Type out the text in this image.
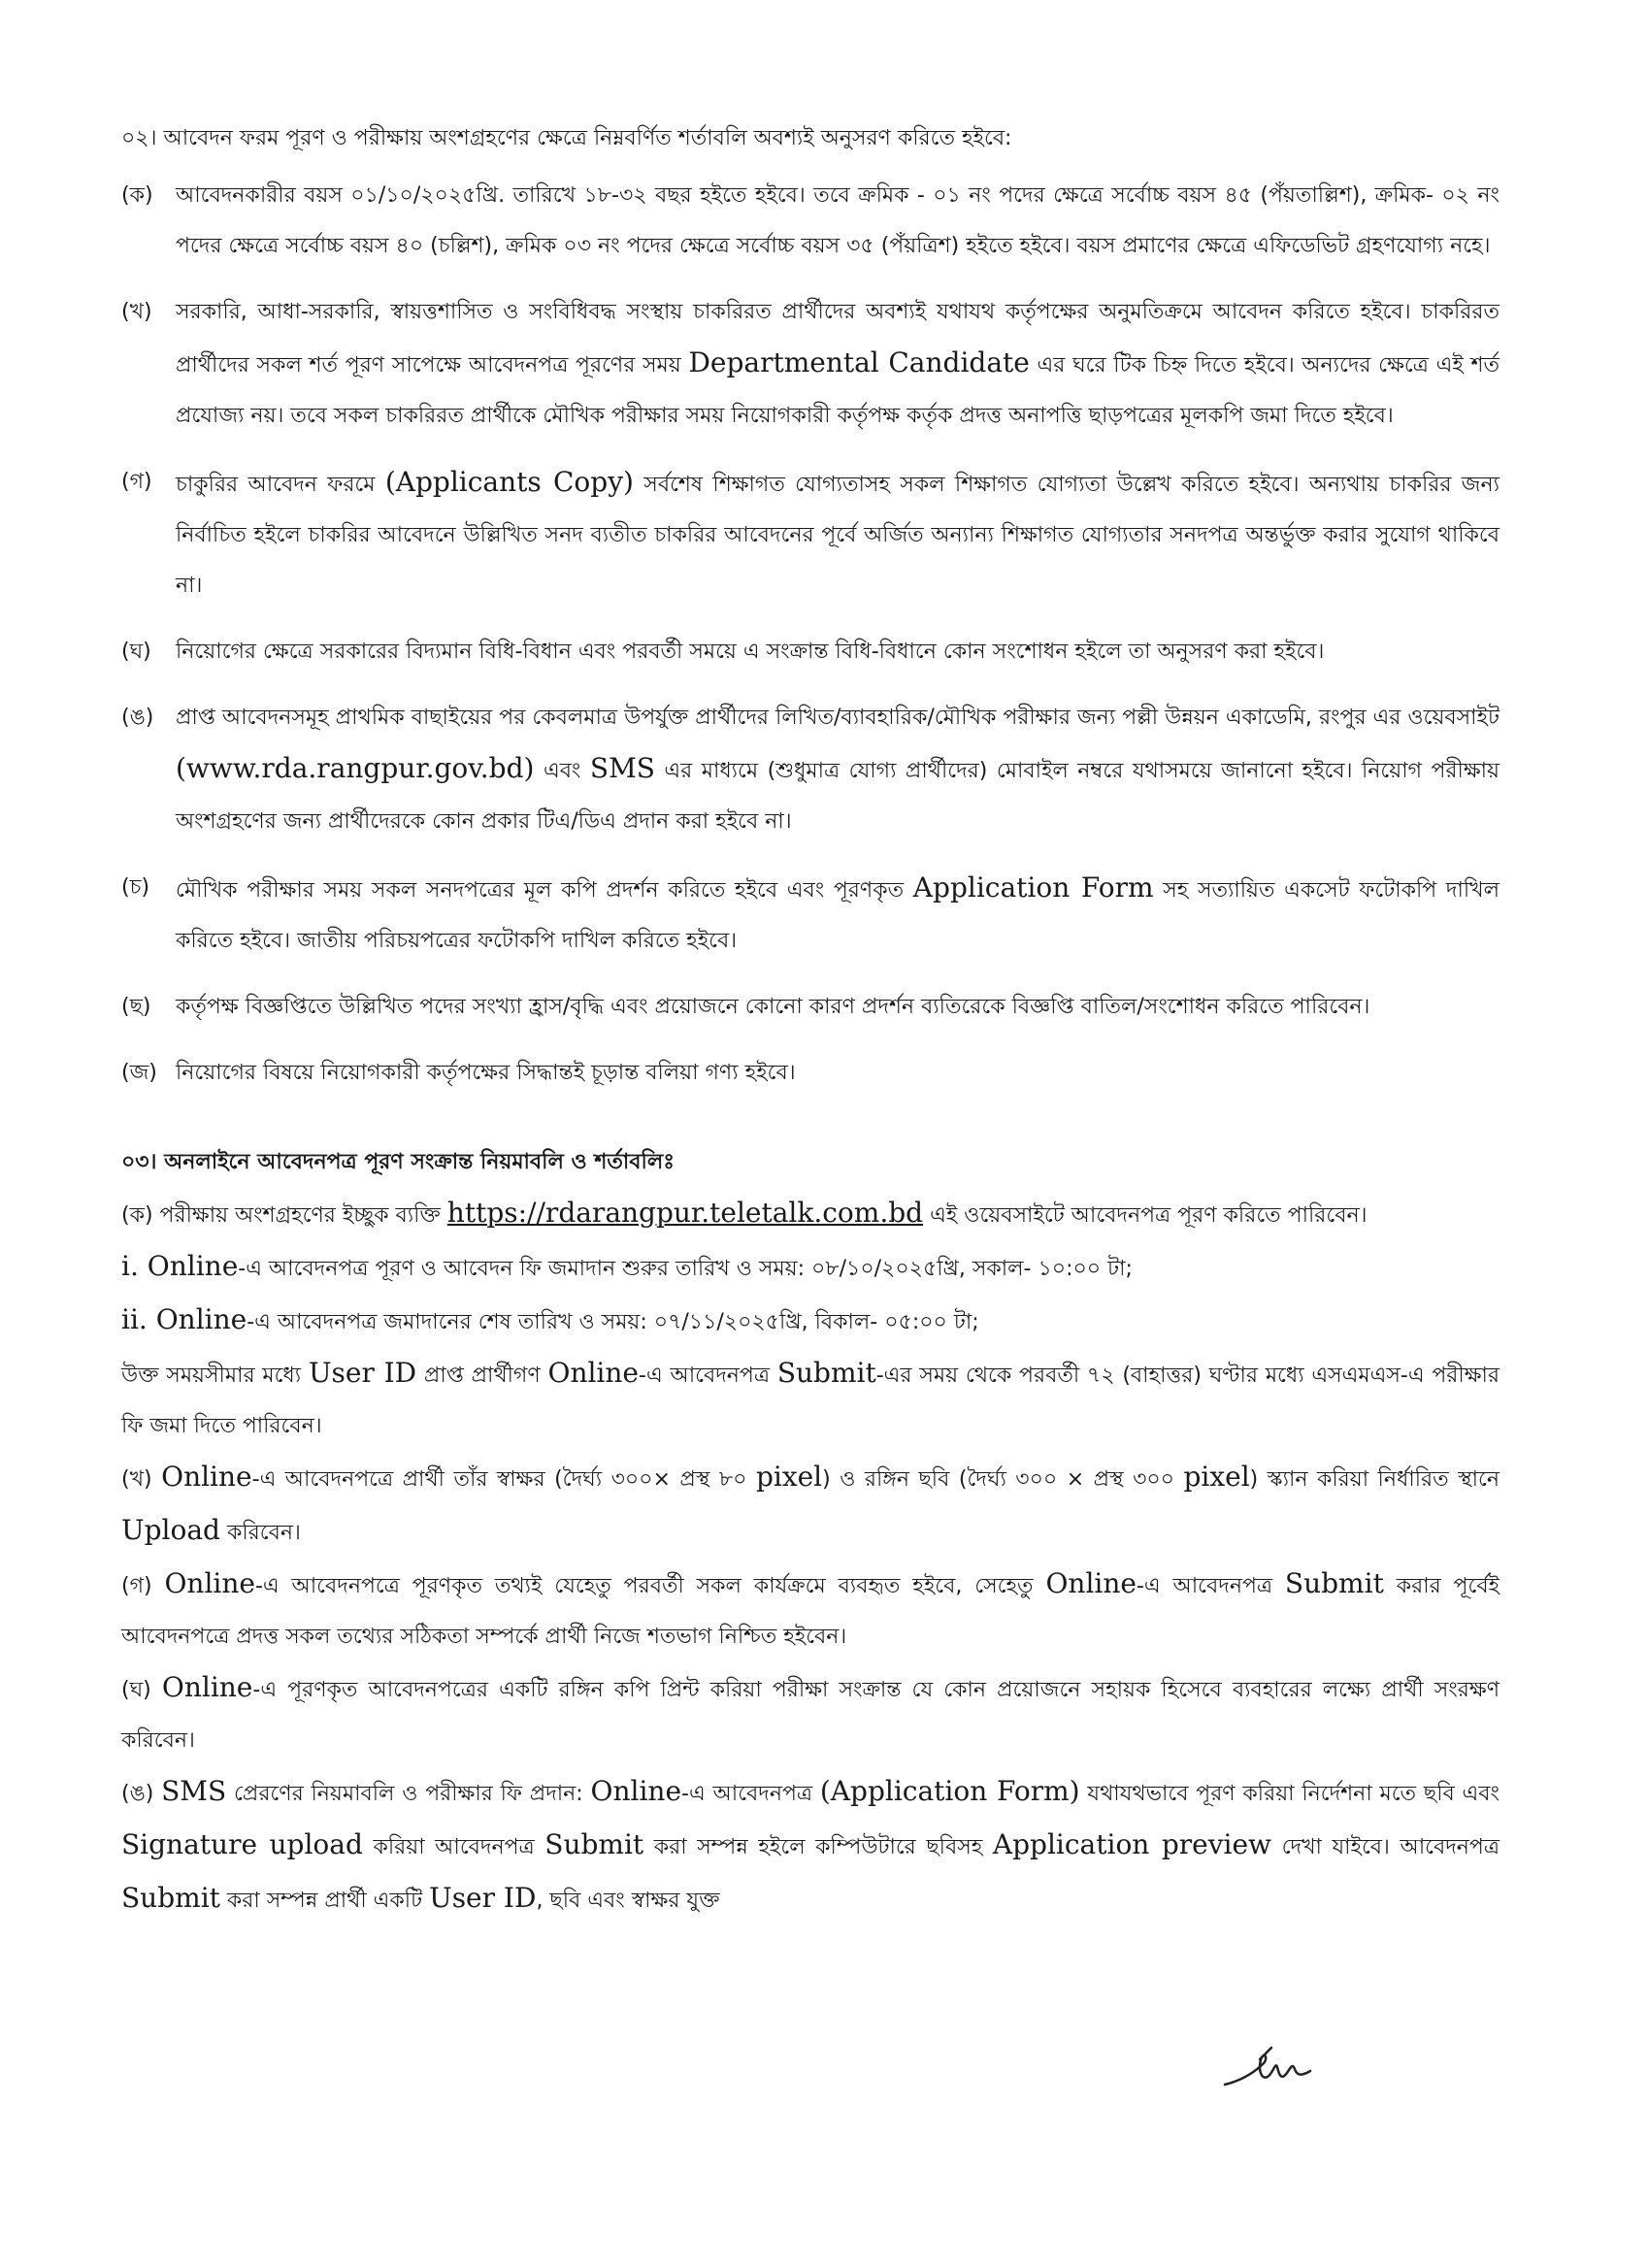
০২। আবেদন ফরম পূরণ ও পরীক্ষায় অংশগ্রহণের ক্ষেত্রে নিম্নবর্ণিত শর্তাবলি অবশ্যই অনুসরণ করিতে হইবে:

(ক)	আবেদনকারীর বয়স ০১/১০/২০২৫খ্রি. তারিখে ১৮-৩২ বছর হইতে হইবে। তবে ক্রমিক - ০১ নং পদের ক্ষেত্রে সর্বোচ্চ বয়স ৪৫ (পঁয়তাল্লিশ), ক্রমিক- ০২ নং পদের ক্ষেত্রে সর্বোচ্চ বয়স ৪০ (চল্লিশ), ক্রমিক ০৩ নং পদের ক্ষেত্রে সর্বোচ্চ বয়স ৩৫ (পঁয়ত্রিশ) হইতে হইবে। বয়স প্রমাণের ক্ষেত্রে এফিডেভিট গ্রহণযোগ্য নহে।
(খ)	সরকারি, আধা-সরকারি, স্বায়ত্তশাসিত ও সংবিধিবদ্ধ সংস্থায় চাকরিরত প্রার্থীদের অবশ্যই যথাযথ কর্তৃপক্ষের অনুমতিক্রমে আবেদন করিতে হইবে। চাকরিরত প্রার্থীদের সকল শর্ত পূরণ সাপেক্ষে আবেদনপত্র পূরণের সময় Departmental Candidate এর ঘরে টিক চিহ্ন দিতে হইবে। অন্যদের ক্ষেত্রে এই শর্ত প্রযোজ্য নয়। তবে সকল চাকরিরত প্রার্থীকে মৌখিক পরীক্ষার সময় নিয়োগকারী কর্তৃপক্ষ কর্তৃক প্রদত্ত অনাপত্তি ছাড়পত্রের মূলকপি জমা দিতে হইবে।
(গ)	চাকুরির আবেদন ফরমে (Applicants Copy) সর্বশেষ শিক্ষাগত যোগ্যতাসহ সকল শিক্ষাগত যোগ্যতা উল্লেখ করিতে হইবে। অন্যথায় চাকরির জন্য নির্বাচিত হইলে চাকরির আবেদনে উল্লিখিত সনদ ব্যতীত চাকরির আবেদনের পূর্বে অর্জিত অন্যান্য শিক্ষাগত যোগ্যতার সনদপত্র অন্তর্ভুক্ত করার সুযোগ থাকিবে না।
(ঘ)	নিয়োগের ক্ষেত্রে সরকারের বিদ্যমান বিধি-বিধান এবং পরবর্তী সময়ে এ সংক্রান্ত বিধি-বিধানে কোন সংশোধন হইলে তা অনুসরণ করা হইবে।
(ঙ)	প্রাপ্ত আবেদনসমূহ প্রাথমিক বাছাইয়ের পর কেবলমাত্র উপর্যুক্ত প্রার্থীদের লিখিত/ব্যাবহারিক/মৌখিক পরীক্ষার জন্য পল্লী উন্নয়ন একাডেমি, রংপুর এর ওয়েবসাইট (www.rda.rangpur.gov.bd) এবং SMS এর মাধ্যমে (শুধুমাত্র যোগ্য প্রার্থীদের) মোবাইল নম্বরে যথাসময়ে জানানো হইবে। নিয়োগ পরীক্ষায় অংশগ্রহণের জন্য প্রার্থীদেরকে কোন প্রকার টিএ/ডিএ প্রদান করা হইবে না।
(চ)	মৌখিক পরীক্ষার সময় সকল সনদপত্রের মূল কপি প্রদর্শন করিতে হইবে এবং পূরণকৃত Application Form সহ সত্যায়িত একসেট ফটোকপি দাখিল করিতে হইবে। জাতীয় পরিচয়পত্রের ফটোকপি দাখিল করিতে হইবে।
(ছ)	কর্তৃপক্ষ বিজ্ঞপ্তিতে উল্লিখিত পদের সংখ্যা হ্রাস/বৃদ্ধি এবং প্রয়োজনে কোনো কারণ প্রদর্শন ব্যতিরেকে বিজ্ঞপ্তি বাতিল/সংশোধন করিতে পারিবেন।
(জ) নিয়োগের বিষয়ে নিয়োগকারী কর্তৃপক্ষের সিদ্ধান্তই চূড়ান্ত বলিয়া গণ্য হইবে।

০৩। অনলাইনে আবেদনপত্র পূরণ সংক্রান্ত নিয়মাবলি ও শর্তাবলিঃ

(ক) পরীক্ষায় অংশগ্রহণের ইচ্ছুক ব্যক্তি https://rdarangpur.teletalk.com.bd এই ওয়েবসাইটে আবেদনপত্র পূরণ করিতে পারিবেন।

i. Online-এ আবেদনপত্র পূরণ ও আবেদন ফি জমাদান শুরুর তারিখ ও সময়: ০৮/১০/২০২৫খ্রি, সকাল- ১০:০০ টা;

ii. Online-এ আবেদনপত্র জমাদানের শেষ তারিখ ও সময়: ০৭/১১/২০২৫খ্রি, বিকাল- ০৫:০০ টা;

উক্ত সময়সীমার মধ্যে User ID প্রাপ্ত প্রার্থীগণ Online-এ আবেদনপত্র Submit-এর সময় থেকে পরবর্তী ৭২ (বাহাত্তর) ঘণ্টার মধ্যে এসএমএস-এ পরীক্ষার ফি জমা দিতে পারিবেন।

(খ) Online-এ আবেদনপত্রে প্রার্থী তাঁর স্বাক্ষর (দৈর্ঘ্য ৩০০× প্রস্থ ৮০ pixel) ও রঙ্গিন ছবি (দৈর্ঘ্য ৩০০ × প্রস্থ ৩০০ pixel) স্ক্যান করিয়া নির্ধারিত স্থানে Upload করিবেন।

(গ) Online-এ আবেদনপত্রে পূরণকৃত তথ্যই যেহেতু পরবর্তী সকল কার্যক্রমে ব্যবহৃত হইবে, সেহেতু Online-এ আবেদনপত্র Submit করার পূর্বেই আবেদনপত্রে প্রদত্ত সকল তথ্যের সঠিকতা সম্পর্কে প্রার্থী নিজে শতভাগ নিশ্চিত হইবেন।

(ঘ) Online-এ পূরণকৃত আবেদনপত্রের একটি রঙ্গিন কপি প্রিন্ট করিয়া পরীক্ষা সংক্রান্ত যে কোন প্রয়োজনে সহায়ক হিসেবে ব্যবহারের লক্ষ্যে প্রার্থী সংরক্ষণ করিবেন।

(ঙ) SMS প্রেরণের নিয়মাবলি ও পরীক্ষার ফি প্রদান: Online-এ আবেদনপত্র (Application Form) যথাযথভাবে পূরণ করিয়া নির্দেশনা মতে ছবি এবং Signature upload করিয়া আবেদনপত্র Submit করা সম্পন্ন হইলে কম্পিউটারে ছবিসহ Application preview দেখা যাইবে। আবেদনপত্র Submit করা সম্পন্ন প্রার্থী একটি User ID, ছবি এবং স্বাক্ষর যুক্ত
